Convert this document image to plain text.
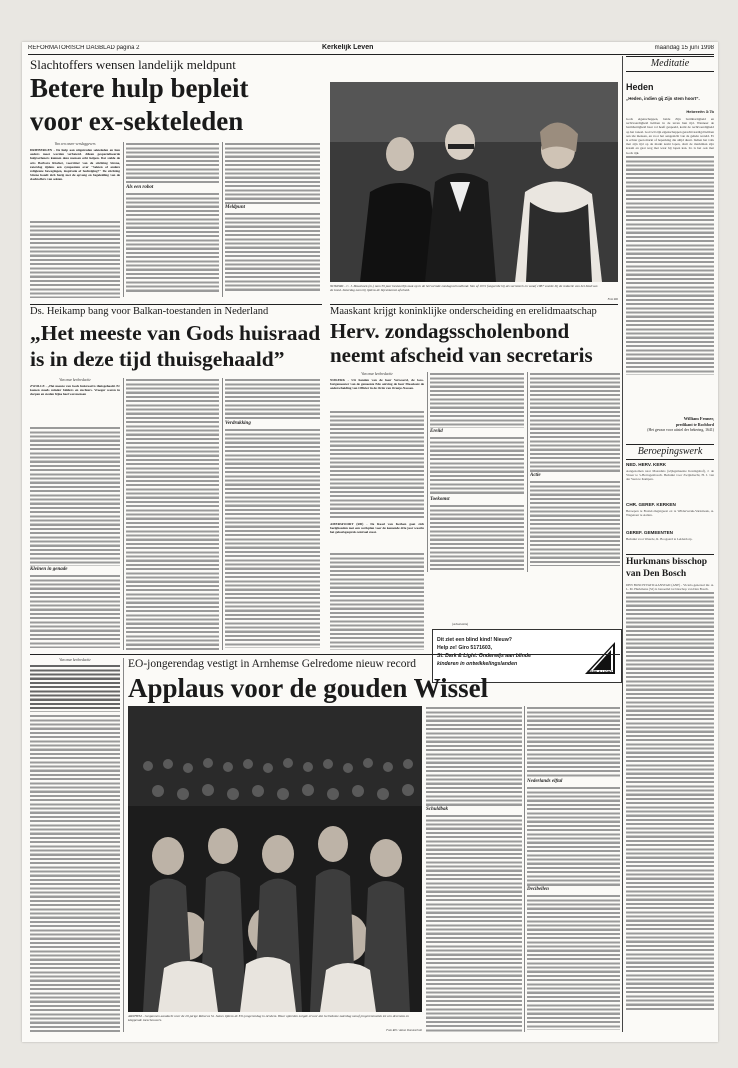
REFORMATORISCH DAGBLAD pagina 2	Kerkelijk Leven	maandag 15 juni 1998
Slachtoffers wensen landelijk meldpunt
Betere hulp bepleit
voor ex-sekteleden
Van een onzer verslaggevers
DRIEBERGEN - De hulp aan uitgetreden sekteleden en hun ouders moet worden verbeterd. Alleen gespecialiseerde hulpverleners kunnen deze mensen echt helpen. Dat stelde de arts Barbara Rischer, voorzitter van de stichting Sirene, zaterdag tijdens een symposium over "Sekten of andere religieuze bewegingen, inspiratie of bedreiging?" De stichting Sirene houdt zich bezig met de opvang en begeleiding van de slachtoffers van sekten.
Als een robot
Meldpunt
NIJKERK - C. J. Maashoek (m.) nam 39 jaar bestuurlijk taak op in de hervormde zondagsschoolbond. Van af 1972 fungeerde hij als secretaris en vanaf 1987 voerde hij de redactie van het blad van de bond. Zaterdag nam hij tijdens de bijeenkomst afscheid.
Foto RD
Maaskant krijgt koninklijke onderscheiding en erelidmaatschap
Herv. zondagsscholenbond
neemt afscheid van secretaris
Van onze kerkredactie
NIJKERK - Uit handen van de heer Verwoerd, de loco-burgemeester van de gemeente Ede ontving de heer Maaskant de onderscheiding van Officier in de Orde van Oranje-Nassau.
AMERSFOORT (RD) - De Raad van Kerken gaat zich bezighouden met een werkplan voor de komende drie jaar waarin het geloofsgesprek centraal staat.
Ereiid
Toekomst
Actie
(Advertentie)
Dit ziet een blind kind! Nieuw?
Help ze! Giro 5171603,
St. Dark & Light. Onderwijs aan blinde
kinderen in ontwikkelingslanden
DARK & LIGHT
Ds. Heikamp bang voor Balkan-toestanden in Nederland
„Het meeste van Gods huisraad
is in deze tijd thuisgehaald”
Van onze kerkredactie
ZWOLLE - „Het meeste van Gods huisraad is thuisgehaald. Er komen steeds minder bidders en zuchters. Vroeger waren in dorpen en steden bijna heel wat mensen
Kleinen in genade
Verdrukking
Van onze kerkredactie	EO-jongerendag vestigt in Arnhemse Gelredome nieuw record
Applaus voor de gouden Wissel
Schuldbak
Nederlands elftal
Decibellen
ARNHEM - Gespannen aandacht voor de 20-jarige Rebecca St. James tijdens de EO-jongerendag in Arnhem. Haar optreden zorgde ervoor dat Gelredome zaterdag vanaf jongerenmuziek tot een decennia en klappende toeschouwers.
Foto RD / Anton Dommerholt
Meditatie
Heden
„Heden, indien gij Zijn stem hoort”.
Hebreeën 3:7b
Gods eigenschappen, beide Zijn barmhartigheid en rechtvaardigheid hebben in de ieven hun tijd. Wanneer de barmhartigheid haar rol heeft gespeeld, komt de rechtvaardigheid op het toneel. God wil zijn eigenschappen gerechtvaardigd hebben aan ide mensen, en voor het aangezicht van de gehele wereld. Er is echter geen markt of beperking die altijd duurt. Indien het volk met zijn tijd op de markt komt lopen, sluit de marktman zijn kraam en gaat weg met waar hij lopen kan. Zo is het ook met Gods rijk.
William Fenner,
predikant te Rochford
(Het gevaar voor uitstel der bekering, 1641)
Beroepingswerk
NED. HERV. KERK
Aangenomen naar Maassluis (wijkgemeente Koningshof), J. de Visser te 's-Hertogenbosch. Bedankt voor Zwijndrecht, H. J. van der Veen te Kampen.
CHR. GEREF. KERKEN
Beroepen te Boxtel-Oegstgeest ex te Wilderveruk-Varnsbeek, A. Wagenaar te Aalten.
GEREF. GEMEENTEN
Bedankt voor Waarde, R. Boogaard te Leiderdorp.
Hurkmans bisschop van Den Bosch
DEN BOSCH/VATICAANSTAD (ANP) - Vicaris-generaal mr. A. L. M. Hurkmans (52) is benoemd tot bisschop van Den Bosch.
